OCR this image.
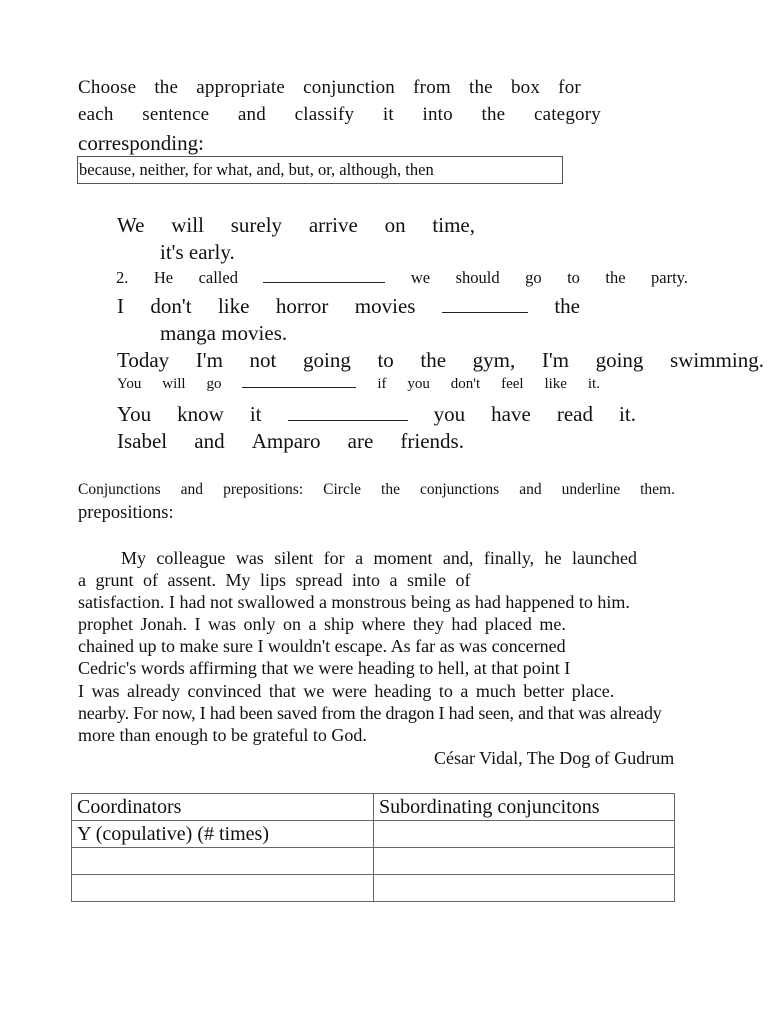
Choose the appropriate conjunction from the box for
each sentence and classify it into the category
corresponding:
because, neither, for what, and, but, or, although, then
We will surely arrive on time,
it's early.
2. He called	we should go to the party.
I don't like horror movies	the
manga movies.
Today I'm not going to the gym, I'm going swimming.
You will go	if you don't feel like it.
You know it	you have read it.
Isabel and Amparo are friends.
Conjunctions and prepositions: Circle the conjunctions and underline them.
prepositions:
My colleague was silent for a moment and, finally, he launched
a grunt of assent. My lips spread into a smile of
satisfaction. I had not swallowed a monstrous being as had happened to him.
prophet Jonah. I was only on a ship where they had placed me.
chained up to make sure I wouldn't escape. As far as was concerned
Cedric's words affirming that we were heading to hell, at that point I
I was already convinced that we were heading to a much better place.
nearby. For now, I had been saved from the dragon I had seen, and that was already
more than enough to be grateful to God.
César Vidal, The Dog of Gudrum
Coordinators	Subordinating conjuncitons
Y (copulative) (# times)	
